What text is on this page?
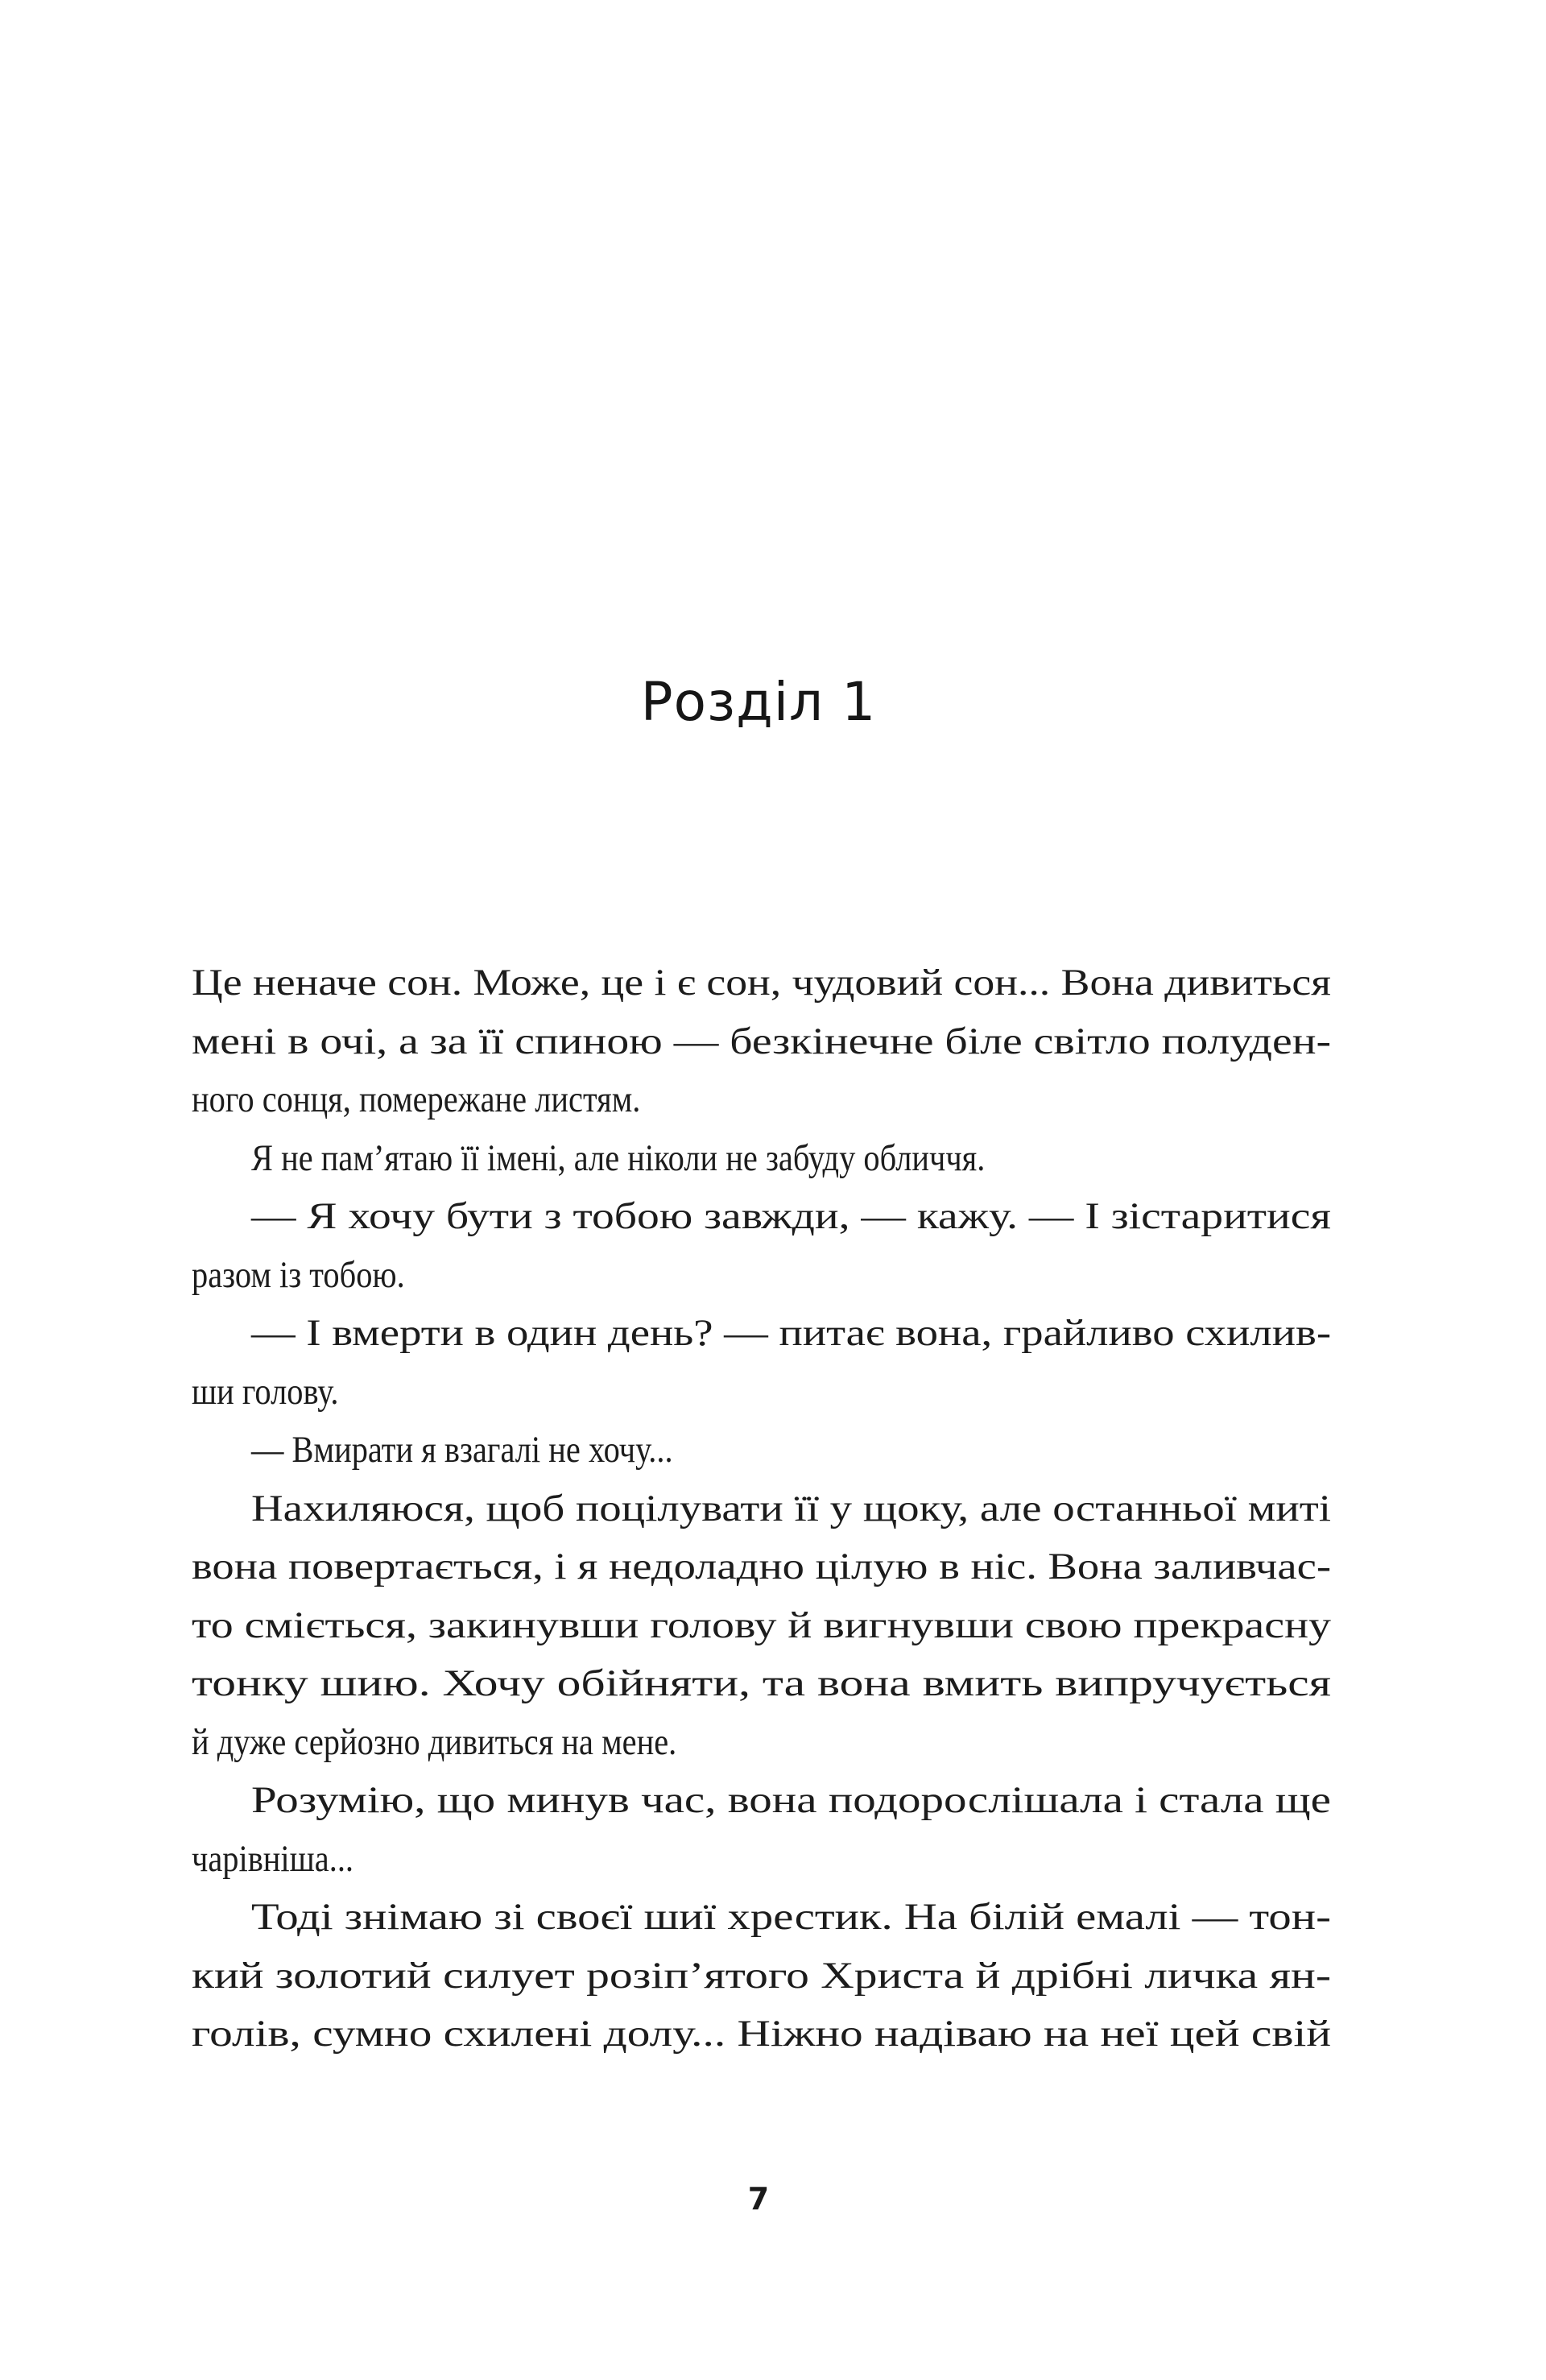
Розділ 1
Це неначе сон. Може, це і є сон, чудовий сон... Вона дивиться
мені в очі, а за її спиною — безкінечне біле світло полуден-
ного сонця, помережане листям.
Я не пам’ятаю її імені, але ніколи не забуду обличчя.
— Я хочу бути з тобою завжди, — кажу. — І зістаритися
разом із тобою.
— І вмерти в один день? — питає вона, грайливо схилив-
ши голову.
— Вмирати я взагалі не хочу...
Нахиляюся, щоб поцілувати її у щоку, але останньої миті
вона повертається, і я недоладно цілую в ніс. Вона заливчас-
то сміється, закинувши голову й вигнувши свою прекрасну
тонку шию. Хочу обійняти, та вона вмить випручується
й дуже серйозно дивиться на мене.
Розумію, що минув час, вона подорослішала і стала ще
чарівніша...
Тоді знімаю зі своєї шиї хрестик. На білій емалі — тон-
кий золотий силует розіп’ятого Христа й дрібні личка ян-
голів, сумно схилені долу... Ніжно надіваю на неї цей свій
7
